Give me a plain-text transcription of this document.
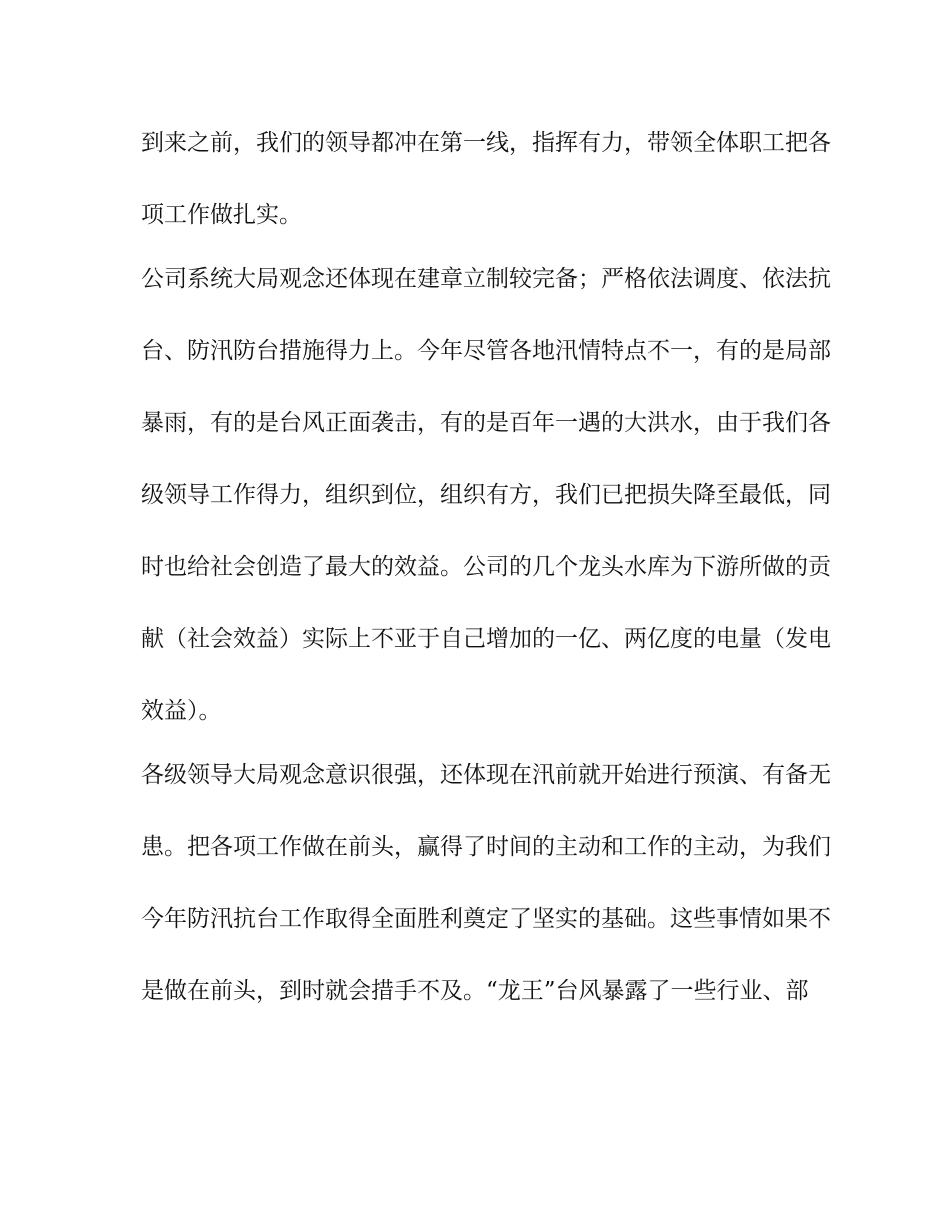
到来之前，我们的领导都冲在第一线，指挥有力，带领全体职工把各
项工作做扎实。
公司系统大局观念还体现在建章立制较完备；严格依法调度、依法抗
台、防汛防台措施得力上。今年尽管各地汛情特点不一，有的是局部
暴雨，有的是台风正面袭击，有的是百年一遇的大洪水，由于我们各
级领导工作得力，组织到位，组织有方，我们已把损失降至最低，同
时也给社会创造了最大的效益。公司的几个龙头水库为下游所做的贡
献（社会效益）实际上不亚于自己增加的一亿、两亿度的电量（发电
效益）。
各级领导大局观念意识很强，还体现在汛前就开始进行预演、有备无
患。把各项工作做在前头，赢得了时间的主动和工作的主动，为我们
今年防汛抗台工作取得全面胜利奠定了坚实的基础。这些事情如果不
是做在前头，到时就会措手不及。“龙王”台风暴露了一些行业、部
